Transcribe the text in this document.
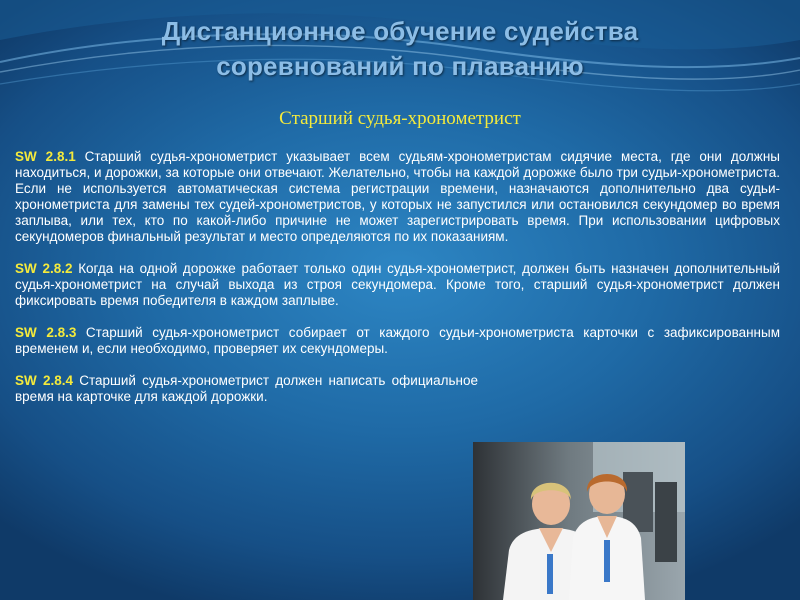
Дистанционное обучение судейства
соревнований по плаванию
Старший судья-хронометрист

SW 2.8.1 Старший судья-хронометрист указывает всем судьям-хронометристам сидячие места, где они должны находиться, и дорожки, за которые они отвечают. Желательно, чтобы на каждой дорожке было три судьи-хронометриста. Если не используется автоматическая система регистрации времени, назначаются дополнительно два судьи-хронометриста для замены тех судей-хронометристов, у которых не запустился или остановился секундомер во время заплыва, или тех, кто по какой-либо причине не может зарегистрировать время. При использовании цифровых секундомеров финальный результат и место определяются по их показаниям.

SW 2.8.2 Когда на одной дорожке работает только один судья-хронометрист, должен быть назначен дополнительный судья-хронометрист на случай выхода из строя секундомера. Кроме того, старший судья-хронометрист должен фиксировать время победителя в каждом заплыве.

SW 2.8.3 Старший судья-хронометрист собирает от каждого судьи-хронометриста карточки с зафиксированным временем и, если необходимо, проверяет их секундомеры.

SW 2.8.4 Старший судья-хронометрист должен написать официальное время на карточке для каждой дорожки.
